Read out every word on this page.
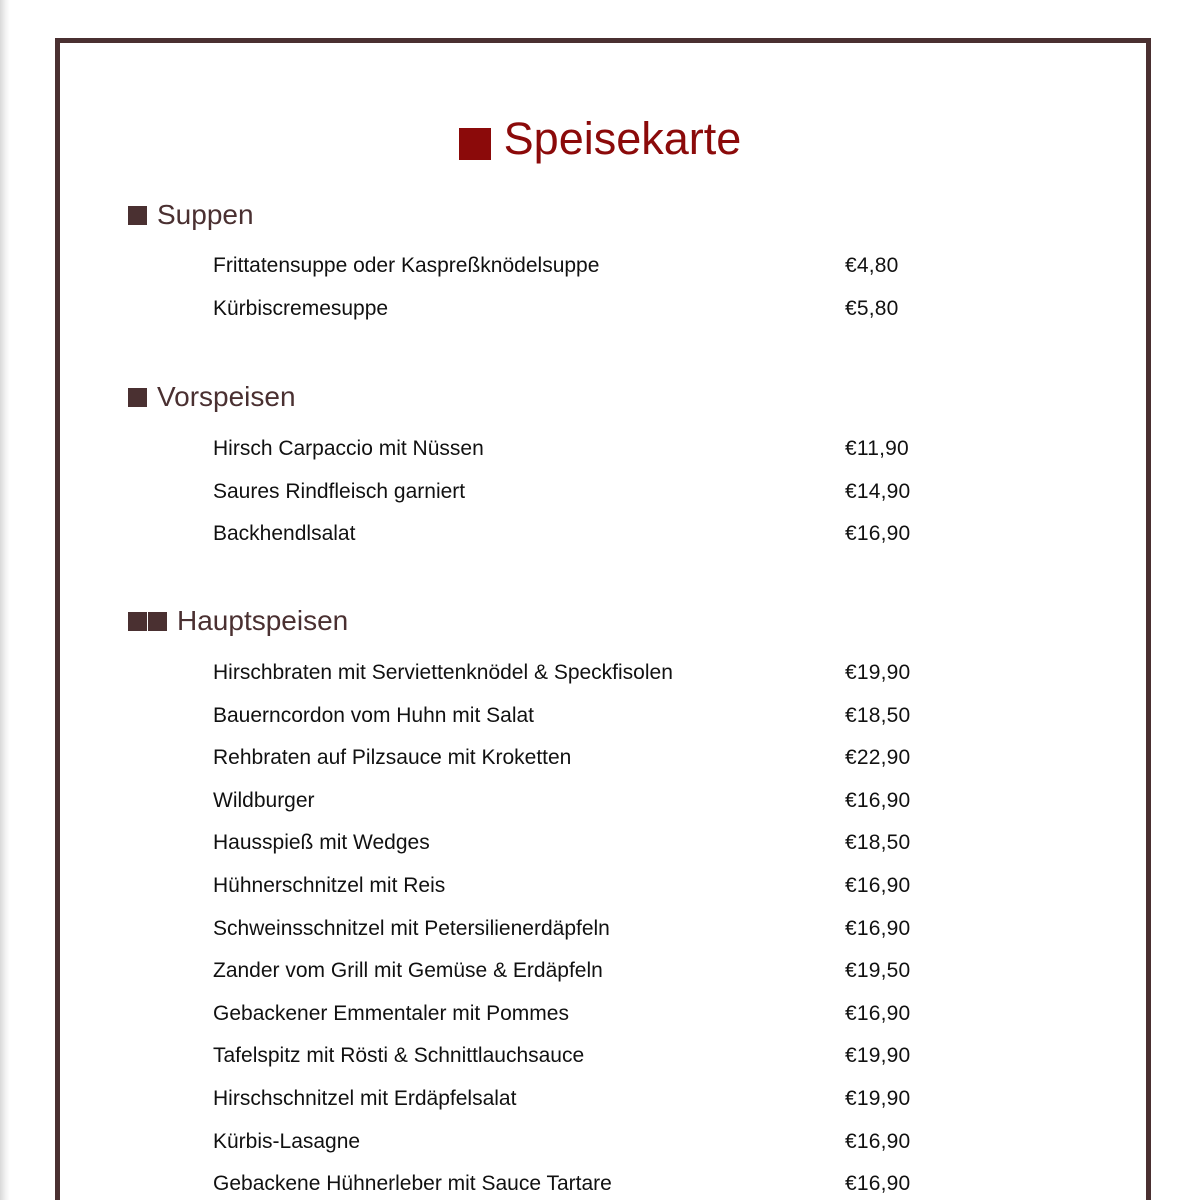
Speisekarte
Suppen
Frittatensuppe oder Kaspreßknödelsuppe	€4,80
Kürbiscremesuppe	€5,80
Vorspeisen
Hirsch Carpaccio mit Nüssen	€11,90
Saures Rindfleisch garniert	€14,90
Backhendlsalat	€16,90
Hauptspeisen
Hirschbraten mit Serviettenknödel & Speckfisolen	€19,90
Bauerncordon vom Huhn mit Salat	€18,50
Rehbraten auf Pilzsauce mit Kroketten	€22,90
Wildburger	€16,90
Hausspieß mit Wedges	€18,50
Hühnerschnitzel mit Reis	€16,90
Schweinsschnitzel mit Petersilienerdäpfeln	€16,90
Zander vom Grill mit Gemüse & Erdäpfeln	€19,50
Gebackener Emmentaler mit Pommes	€16,90
Tafelspitz mit Rösti & Schnittlauchsauce	€19,90
Hirschschnitzel mit Erdäpfelsalat	€19,90
Kürbis-Lasagne	€16,90
Gebackene Hühnerleber mit Sauce Tartare	€16,90
